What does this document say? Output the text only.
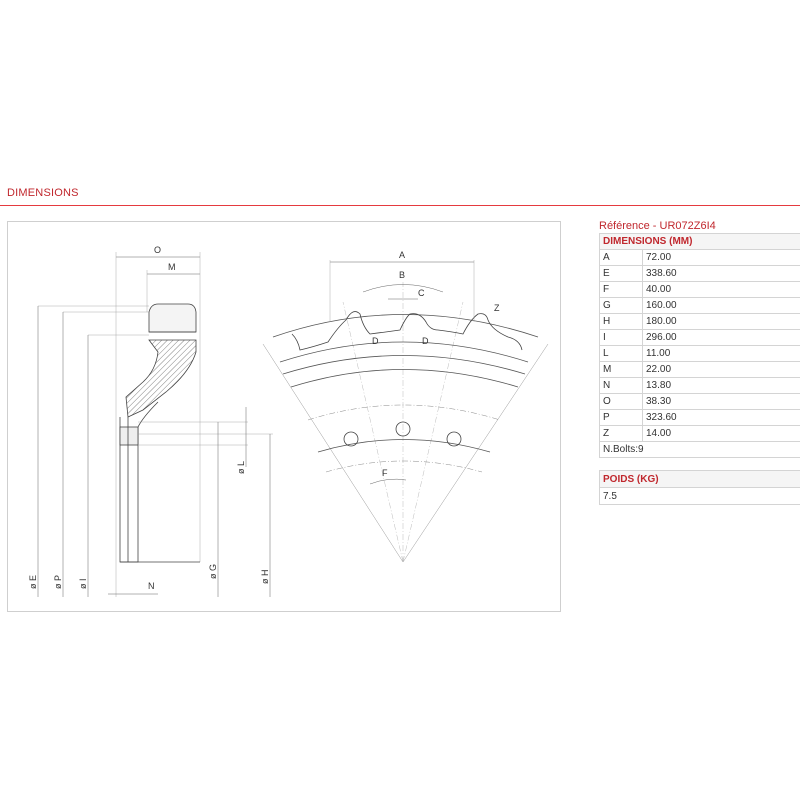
DIMENSIONS
O
M
N
ø E ø P ø I
ø G
ø L
ø H
A
B
C
D	D
Z
F
Référence - UR072Z6I4
DIMENSIONS (MM)	
A	72.00
E	338.60
F	40.00
G	160.00
H	180.00
I	296.00
L	11.00
M	22.00
N	13.80
O	38.30
P	323.60
Z	14.00
N.Bolts:9	
POIDS (KG)
7.5
